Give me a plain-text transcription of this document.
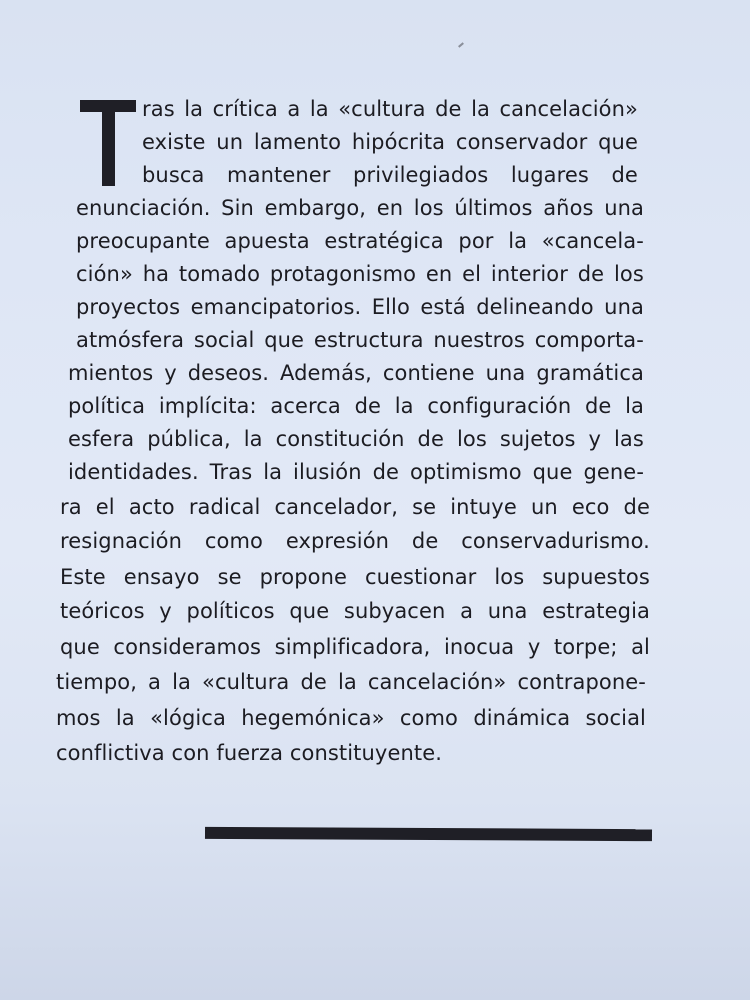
ras la crítica a la «cultura de la cancelación»
existe un lamento hipócrita conservador que
busca mantener privilegiados lugares de
enunciación. Sin embargo, en los últimos años una
preocupante apuesta estratégica por la «cancela-
ción» ha tomado protagonismo en el interior de los
proyectos emancipatorios. Ello está delineando una
atmósfera social que estructura nuestros comporta-
mientos y deseos. Además, contiene una gramática
política implícita: acerca de la configuración de la
esfera pública, la constitución de los sujetos y las
identidades. Tras la ilusión de optimismo que gene-
ra el acto radical cancelador, se intuye un eco de
resignación como expresión de conservadurismo.
Este ensayo se propone cuestionar los supuestos
teóricos y políticos que subyacen a una estrategia
que consideramos simplificadora, inocua y torpe; al
tiempo, a la «cultura de la cancelación» contrapone-
mos la «lógica hegemónica» como dinámica social
conflictiva con fuerza constituyente.
